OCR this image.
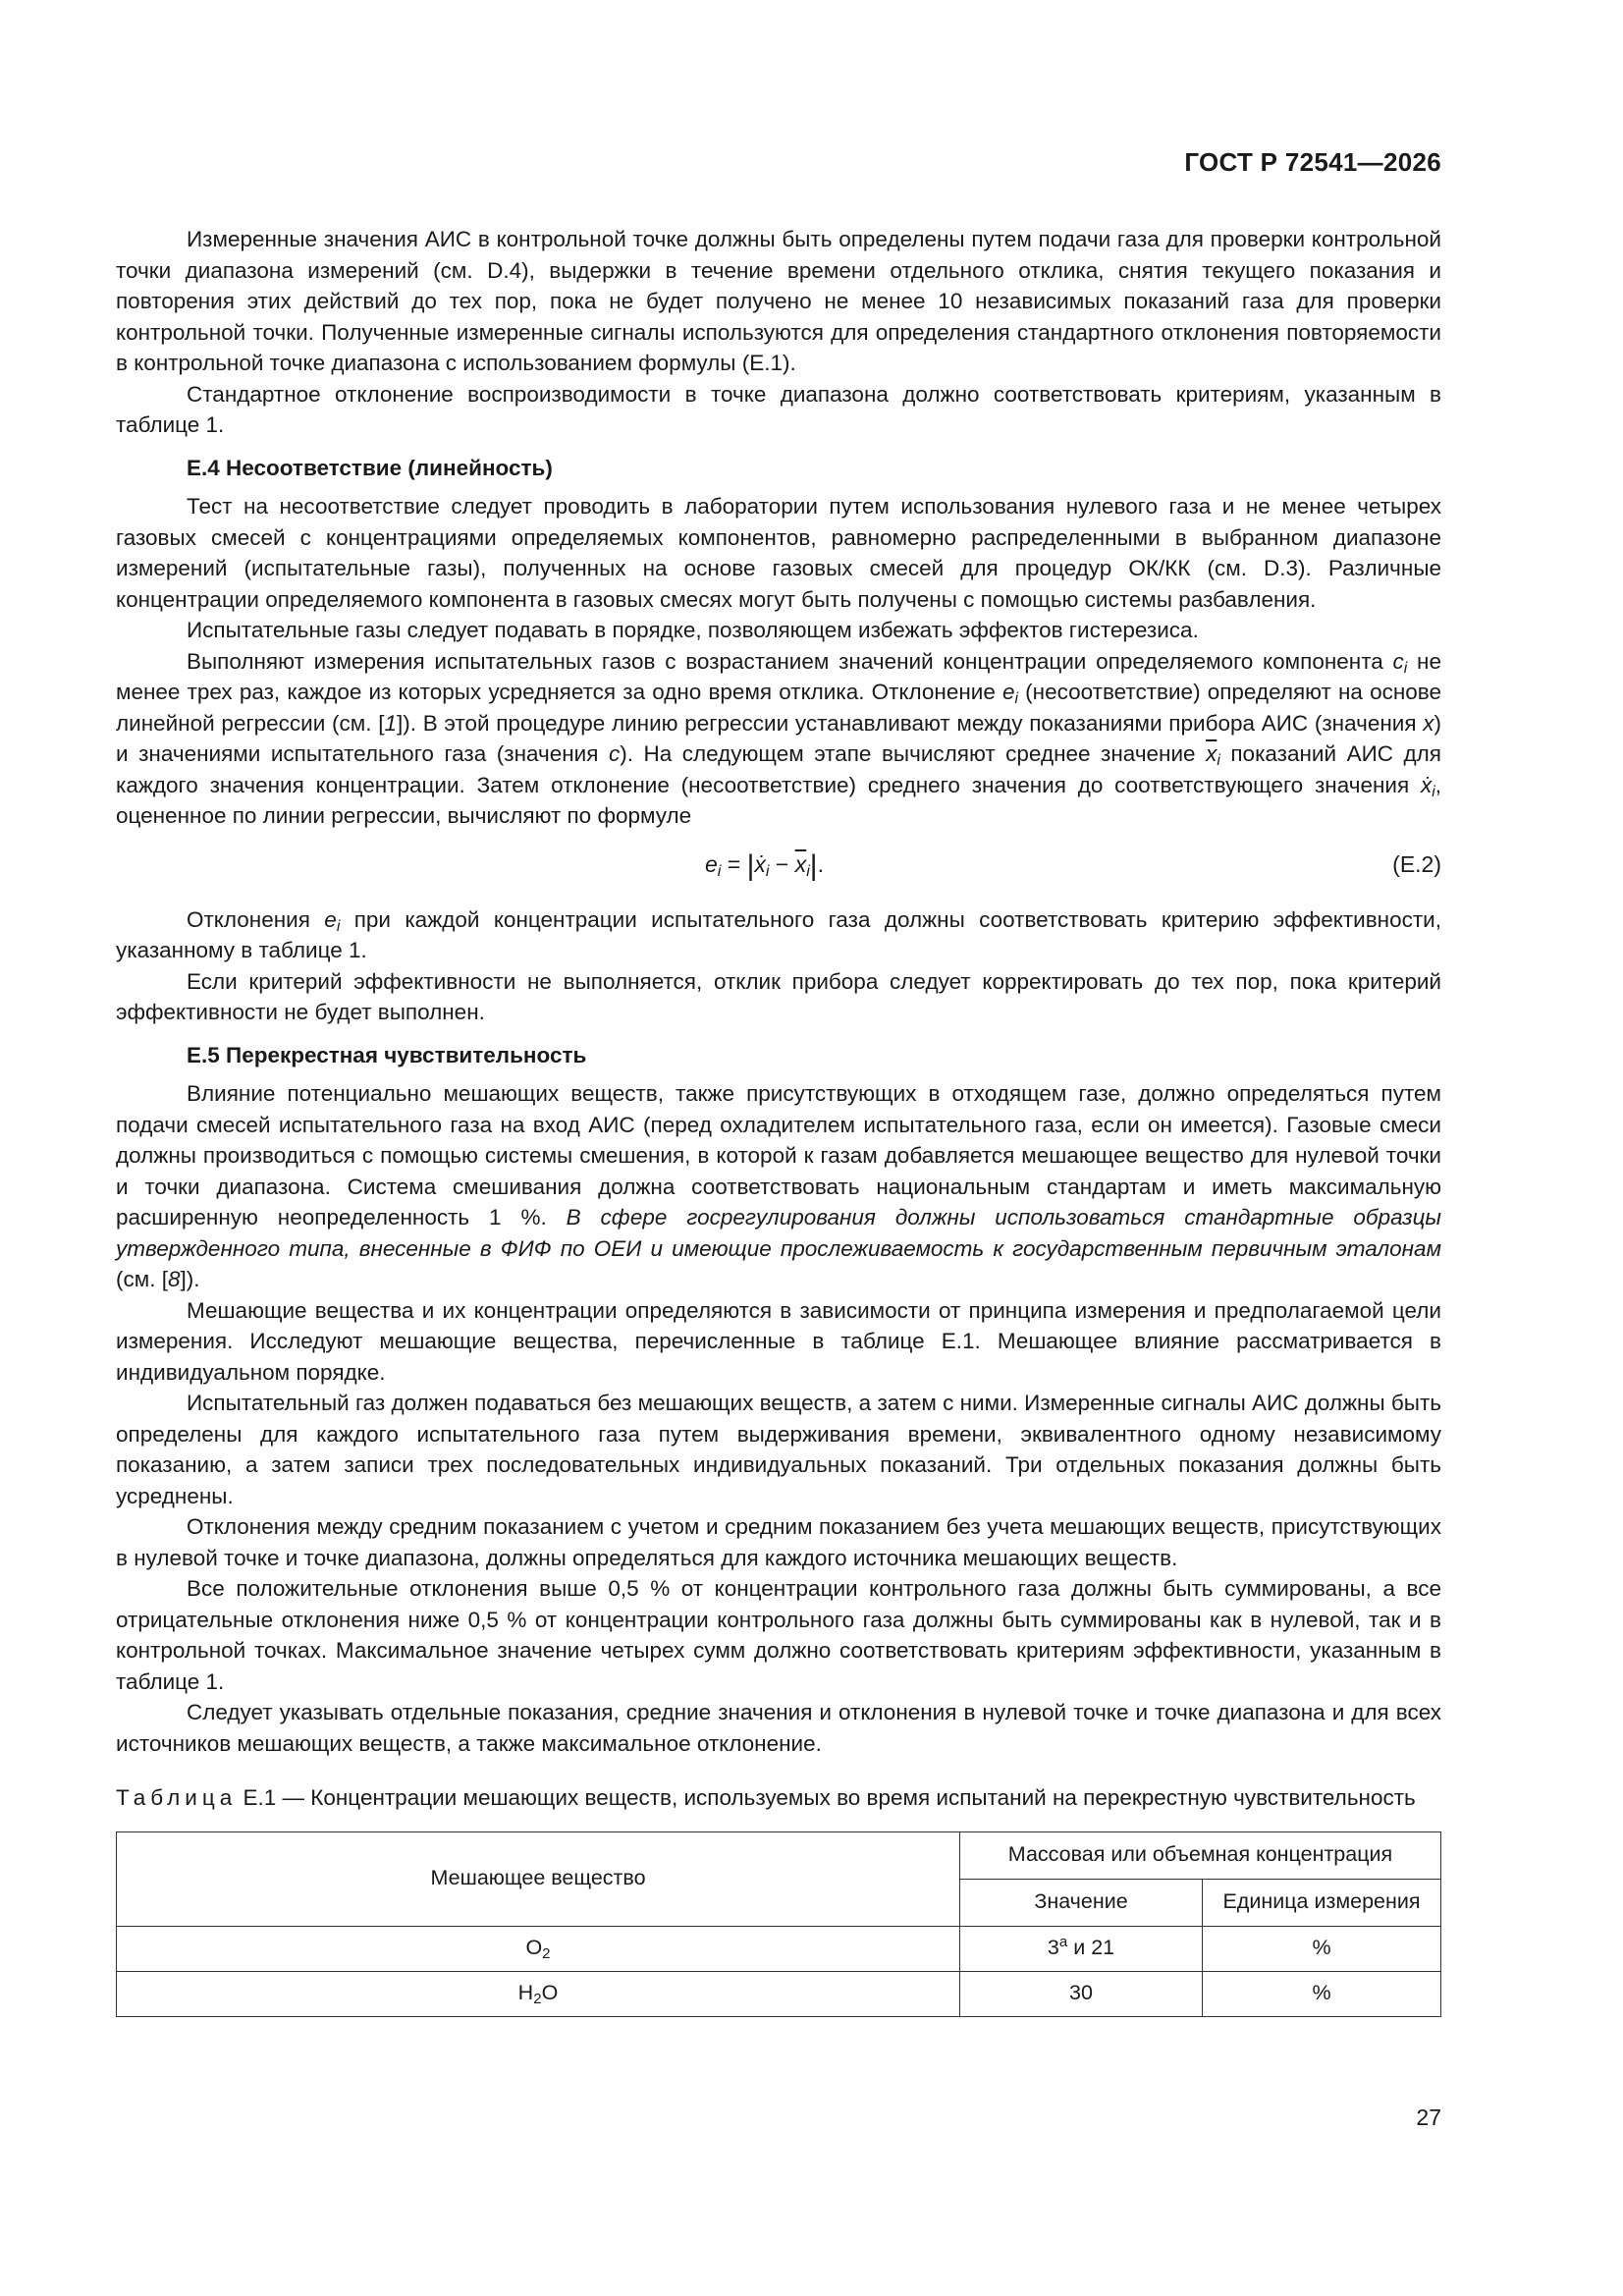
ГОСТ Р 72541—2026

Измеренные значения АИС в контрольной точке должны быть определены путем подачи газа для проверки контрольной точки диапазона измерений (см. D.4), выдержки в течение времени отдельного отклика, снятия текущего показания и повторения этих действий до тех пор, пока не будет получено не менее 10 независимых показаний газа для проверки контрольной точки. Полученные измеренные сигналы используются для определения стандартного отклонения повторяемости в контрольной точке диапазона с использованием формулы (E.1).

Стандартное отклонение воспроизводимости в точке диапазона должно соответствовать критериям, указанным в таблице 1.

E.4 Несоответствие (линейность)

Тест на несоответствие следует проводить в лаборатории путем использования нулевого газа и не менее четырех газовых смесей с концентрациями определяемых компонентов, равномерно распределенными в выбранном диапазоне измерений (испытательные газы), полученных на основе газовых смесей для процедур ОК/КК (см. D.3). Различные концентрации определяемого компонента в газовых смесях могут быть получены с помощью системы разбавления.

Испытательные газы следует подавать в порядке, позволяющем избежать эффектов гистерезиса.

Выполняют измерения испытательных газов с возрастанием значений концентрации определяемого компонента $c_i$ не менее трех раз, каждое из которых усредняется за одно время отклика. Отклонение $e_i$ (несоответствие) определяют на основе линейной регрессии (см. [1]). В этой процедуре линию регрессии устанавливают между показаниями прибора АИС (значения x) и значениями испытательного газа (значения c). На следующем этапе вычисляют среднее значение $\overline{x}_i$ показаний АИС для каждого значения концентрации. Затем отклонение (несоответствие) среднего значения до соответствующего значения ẋ$_i$, оцененное по линии регрессии, вычисляют по формуле

$e_i$ = |ẋ$_i$ − $\overline{x}_i|$.	(E.2)

Отклонения $e_i$ при каждой концентрации испытательного газа должны соответствовать критерию эффективности, указанному в таблице 1.

Если критерий эффективности не выполняется, отклик прибора следует корректировать до тех пор, пока критерий эффективности не будет выполнен.

E.5 Перекрестная чувствительность

Влияние потенциально мешающих веществ, также присутствующих в отходящем газе, должно определяться путем подачи смесей испытательного газа на вход АИС (перед охладителем испытательного газа, если он имеется). Газовые смеси должны производиться с помощью системы смешения, в которой к газам добавляется мешающее вещество для нулевой точки и точки диапазона. Система смешивания должна соответствовать национальным стандартам и иметь максимальную расширенную неопределенность 1 %. В сфере госрегулирования должны использоваться стандартные образцы утвержденного типа, внесенные в ФИФ по ОЕИ и имеющие прослеживаемость к государственным первичным эталонам (см. [8]).

Мешающие вещества и их концентрации определяются в зависимости от принципа измерения и предполагаемой цели измерения. Исследуют мешающие вещества, перечисленные в таблице E.1. Мешающее влияние рассматривается в индивидуальном порядке.

Испытательный газ должен подаваться без мешающих веществ, а затем с ними. Измеренные сигналы АИС должны быть определены для каждого испытательного газа путем выдерживания времени, эквивалентного одному независимому показанию, а затем записи трех последовательных индивидуальных показаний. Три отдельных показания должны быть усреднены.

Отклонения между средним показанием с учетом и средним показанием без учета мешающих веществ, присутствующих в нулевой точке и точке диапазона, должны определяться для каждого источника мешающих веществ.

Все положительные отклонения выше 0,5 % от концентрации контрольного газа должны быть суммированы, а все отрицательные отклонения ниже 0,5 % от концентрации контрольного газа должны быть суммированы как в нулевой, так и в контрольной точках. Максимальное значение четырех сумм должно соответствовать критериям эффективности, указанным в таблице 1.

Следует указывать отдельные показания, средние значения и отклонения в нулевой точке и точке диапазона и для всех источников мешающих веществ, а также максимальное отклонение.

Таблица E.1 — Концентрации мешающих веществ, используемых во время испытаний на перекрестную чувствительность
Мешающее вещество	Массовая или объемная концентрация	
	Значение	Единица измерения
$O_2$	3$^a$ и 21	%
$H_2O$	30	%
27
